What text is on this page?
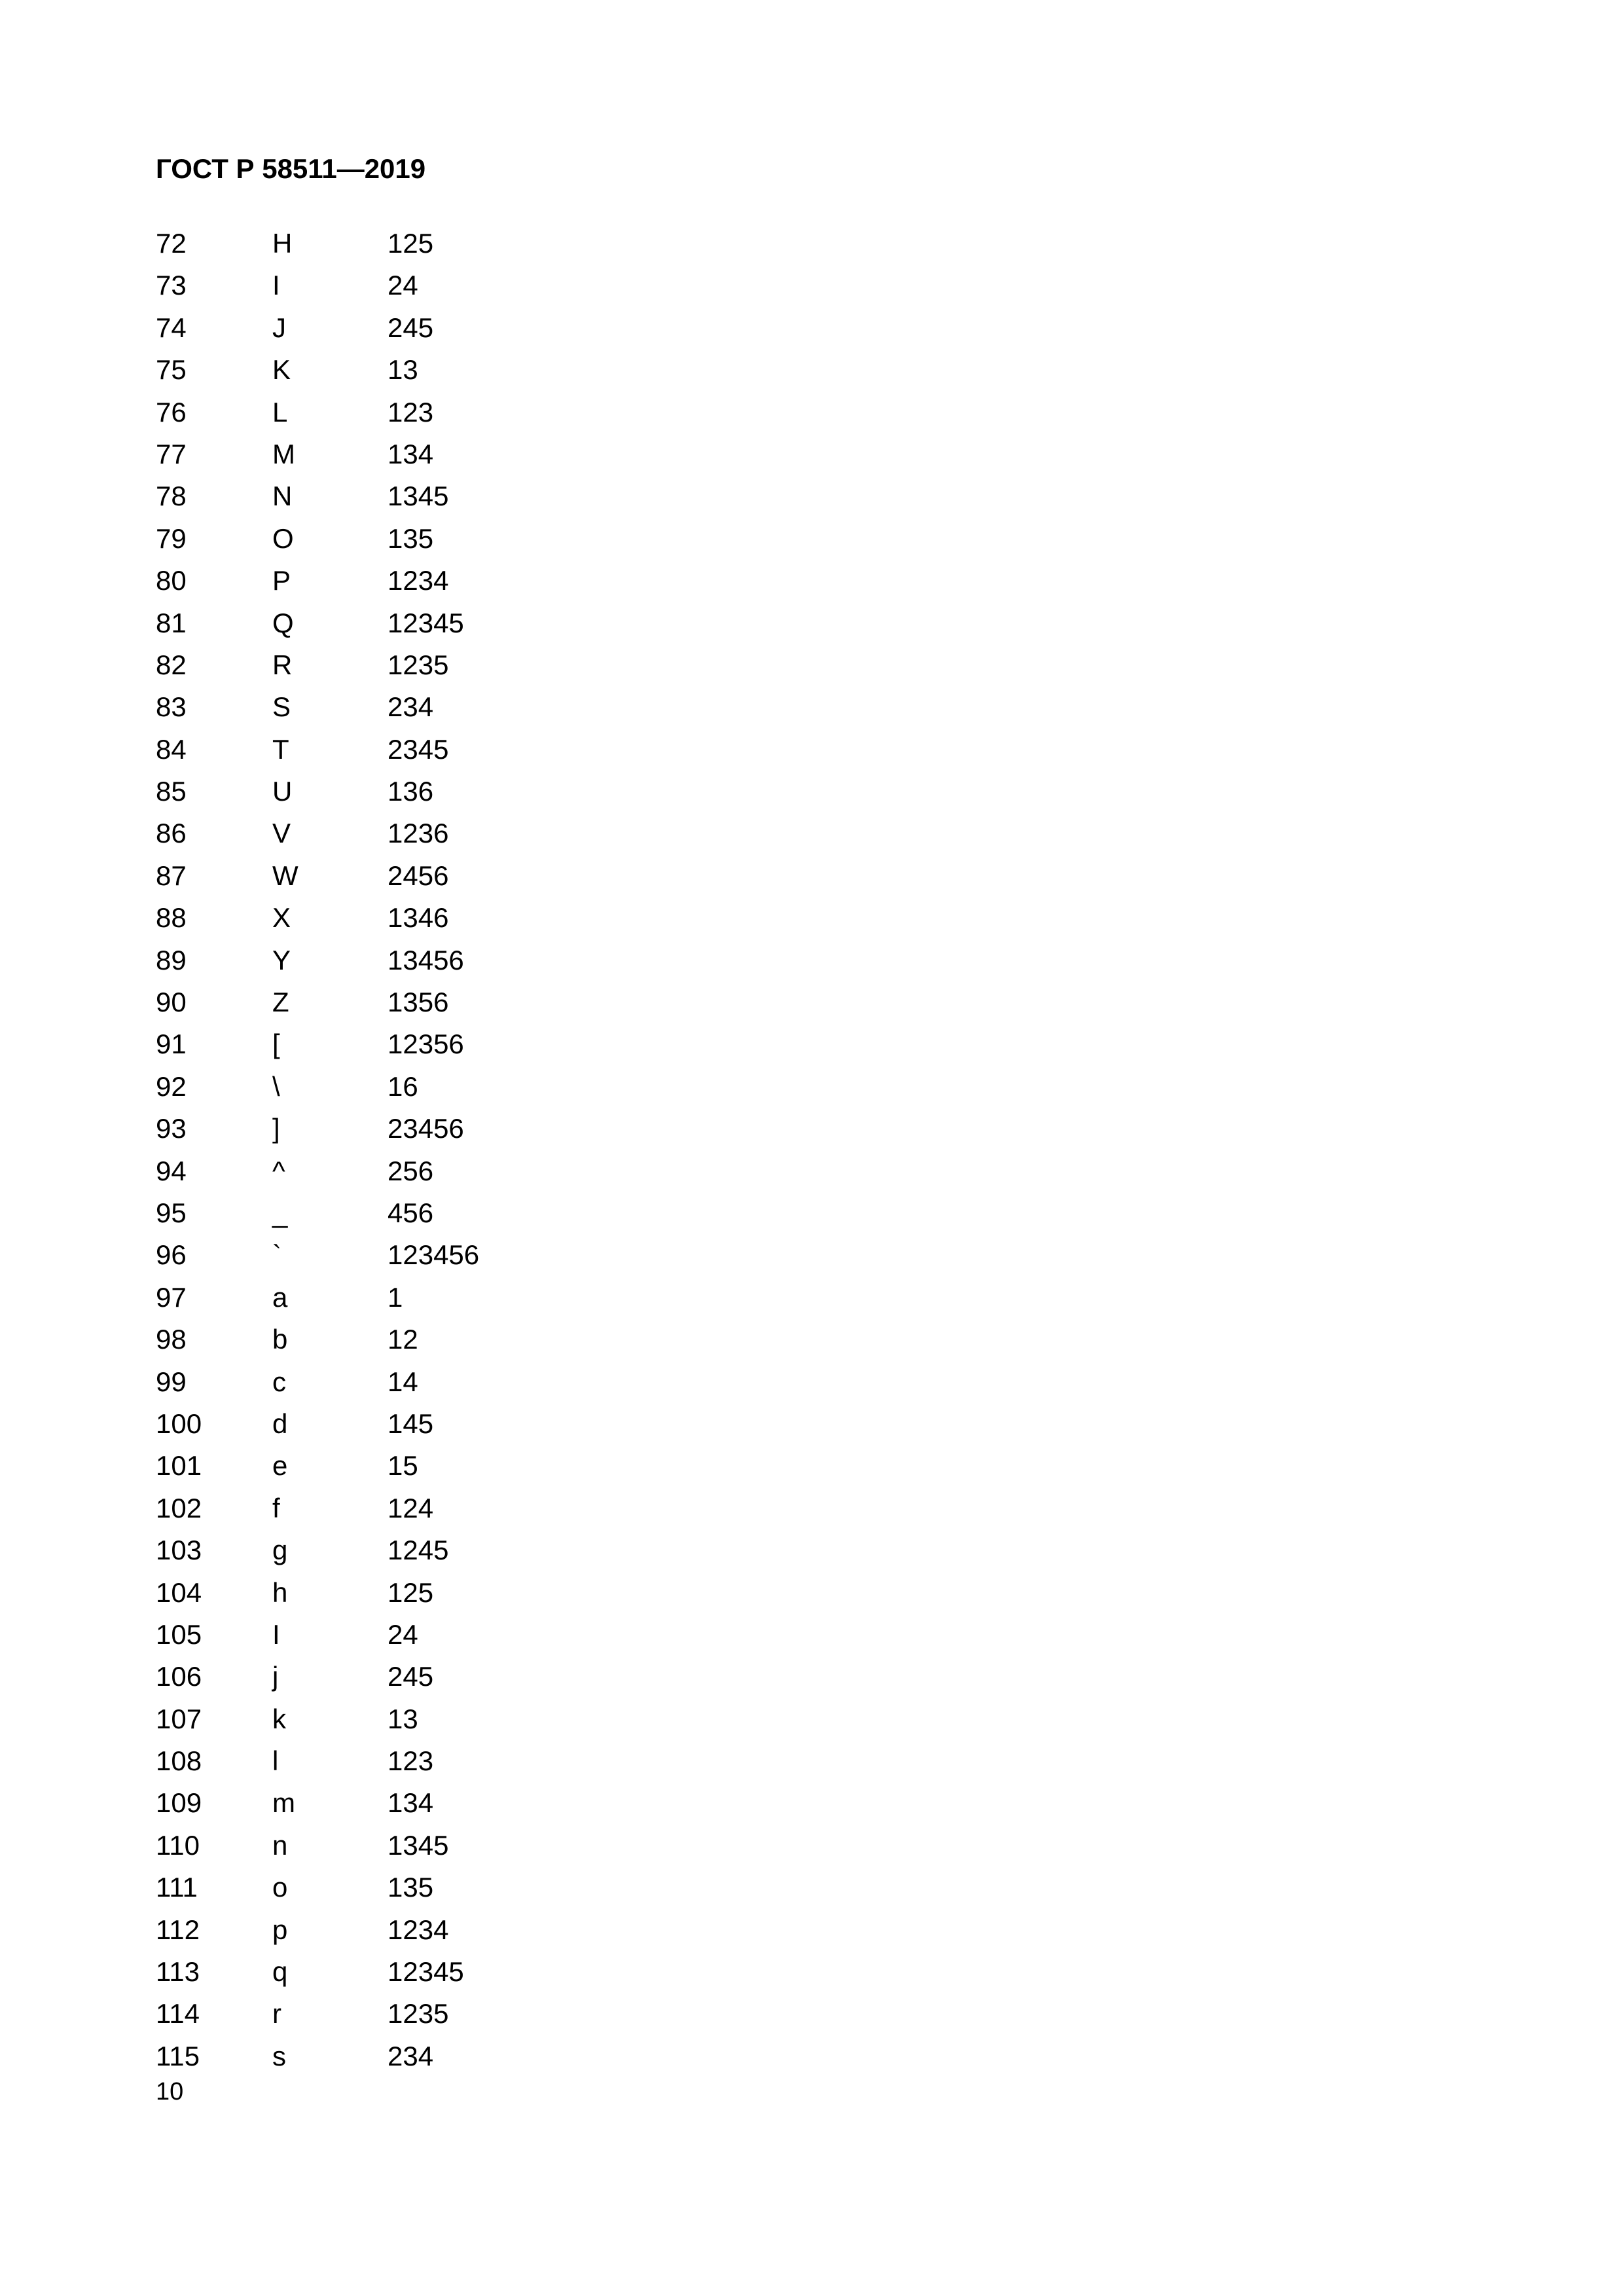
ГОСТ Р 58511—2019
72	H	125
73	I	24
74	J	245
75	K	13
76	L	123
77	M	134
78	N	1345
79	O	135
80	P	1234
81	Q	12345
82	R	1235
83	S	234
84	T	2345
85	U	136
86	V	1236
87	W	2456
88	X	1346
89	Y	13456
90	Z	1356
91	[	12356
92	\	16
93	]	23456
94	^	256
95	_	456
96	`	123456
97	a	1
98	b	12
99	c	14
100	d	145
101	e	15
102	f	124
103	g	1245
104	h	125
105	I	24
106	j	245
107	k	13
108	l	123
109	m	134
110	n	1345
111	o	135
112	p	1234
113	q	12345
114	r	1235
115	s	234
10
